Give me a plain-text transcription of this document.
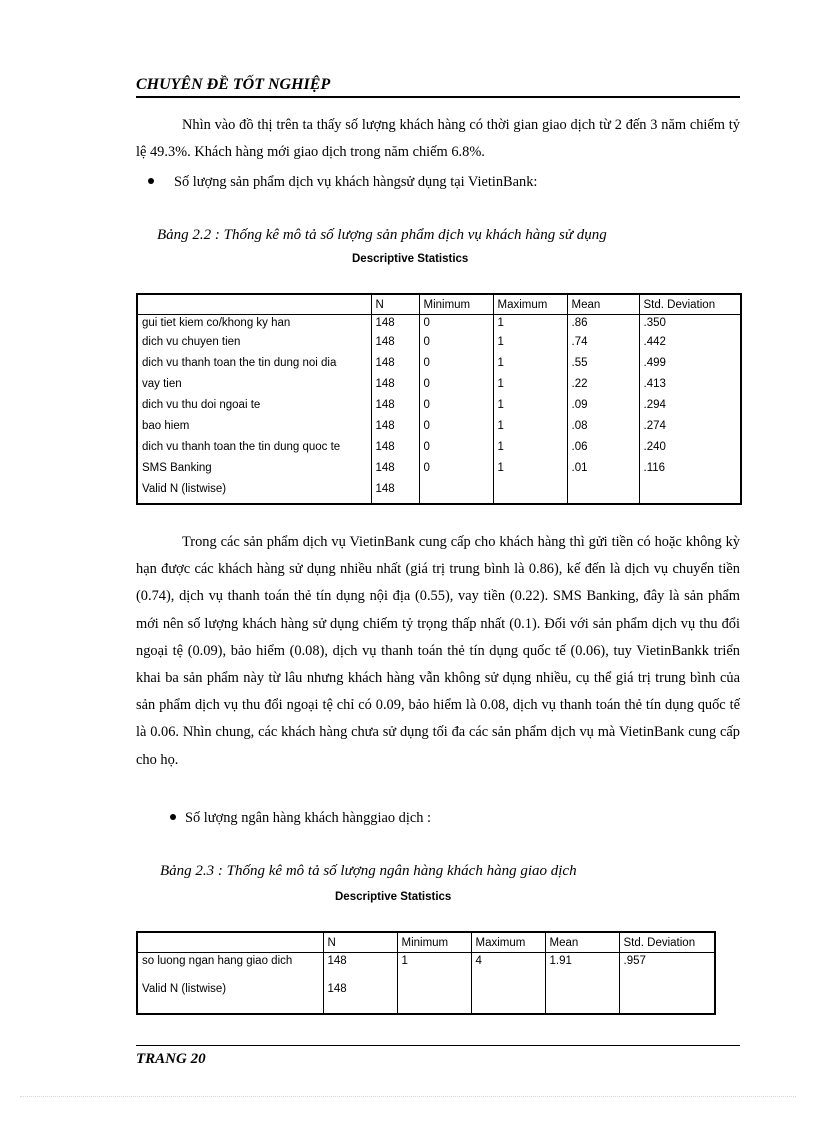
CHUYÊN ĐỀ TỐT NGHIỆP

Nhìn vào đồ thị trên ta thấy số lượng khách hàng có thời gian giao dịch từ 2 đến 3 năm chiếm tỷ lệ 49.3%. Khách hàng mới giao dịch trong năm chiếm 6.8%.

Số lượng sản phẩm dịch vụ khách hàngsử dụng tại VietinBank:
Bảng 2.2 : Thống kê mô tả số lượng sản phẩm dịch vụ khách hàng sử dụng
Descriptive Statistics
	N	Minimum	Maximum	Mean	Std. Deviation
gui tiet kiem co/khong ky han	148	0	1	.86	.350
dich vu chuyen tien	148	0	1	.74	.442
dich vu thanh toan the tin dung noi dia	148	0	1	.55	.499
vay tien	148	0	1	.22	.413
dich vu thu doi ngoai te	148	0	1	.09	.294
bao hiem	148	0	1	.08	.274
dich vu thanh toan the tin dung quoc te	148	0	1	.06	.240
SMS Banking	148	0	1	.01	.116
Valid N (listwise)	148				

Trong các sản phẩm dịch vụ VietinBank cung cấp cho khách hàng thì gửi tiền có hoặc không kỳ hạn được các khách hàng sử dụng nhiều nhất (giá trị trung bình là 0.86), kế đến là dịch vụ chuyển tiền (0.74), dịch vụ thanh toán thẻ tín dụng nội địa (0.55), vay tiền (0.22). SMS Banking, đây là sản phẩm mới nên số lượng khách hàng sử dụng chiếm tỷ trọng thấp nhất (0.1). Đối với sản phẩm dịch vụ thu đổi ngoại tệ (0.09), bảo hiểm (0.08), dịch vụ thanh toán thẻ tín dụng quốc tế (0.06), tuy VietinBankk triển khai ba sản phẩm này từ lâu nhưng khách hàng vẫn không sử dụng nhiều, cụ thể giá trị trung bình của sản phẩm dịch vụ thu đổi ngoại tệ chỉ có 0.09, bảo hiểm là 0.08, dịch vụ thanh toán thẻ tín dụng quốc tế là 0.06. Nhìn chung, các khách hàng chưa sử dụng tối đa các sản phẩm dịch vụ mà VietinBank cung cấp cho họ.

Số lượng ngân hàng khách hànggiao dịch :
Bảng 2.3 : Thống kê mô tả số lượng ngân hàng khách hàng giao dịch
Descriptive Statistics
	N	Minimum	Maximum	Mean	Std. Deviation
so luong ngan hang giao dich	148	1	4	1.91	.957
Valid N (listwise)	148				
TRANG 20
